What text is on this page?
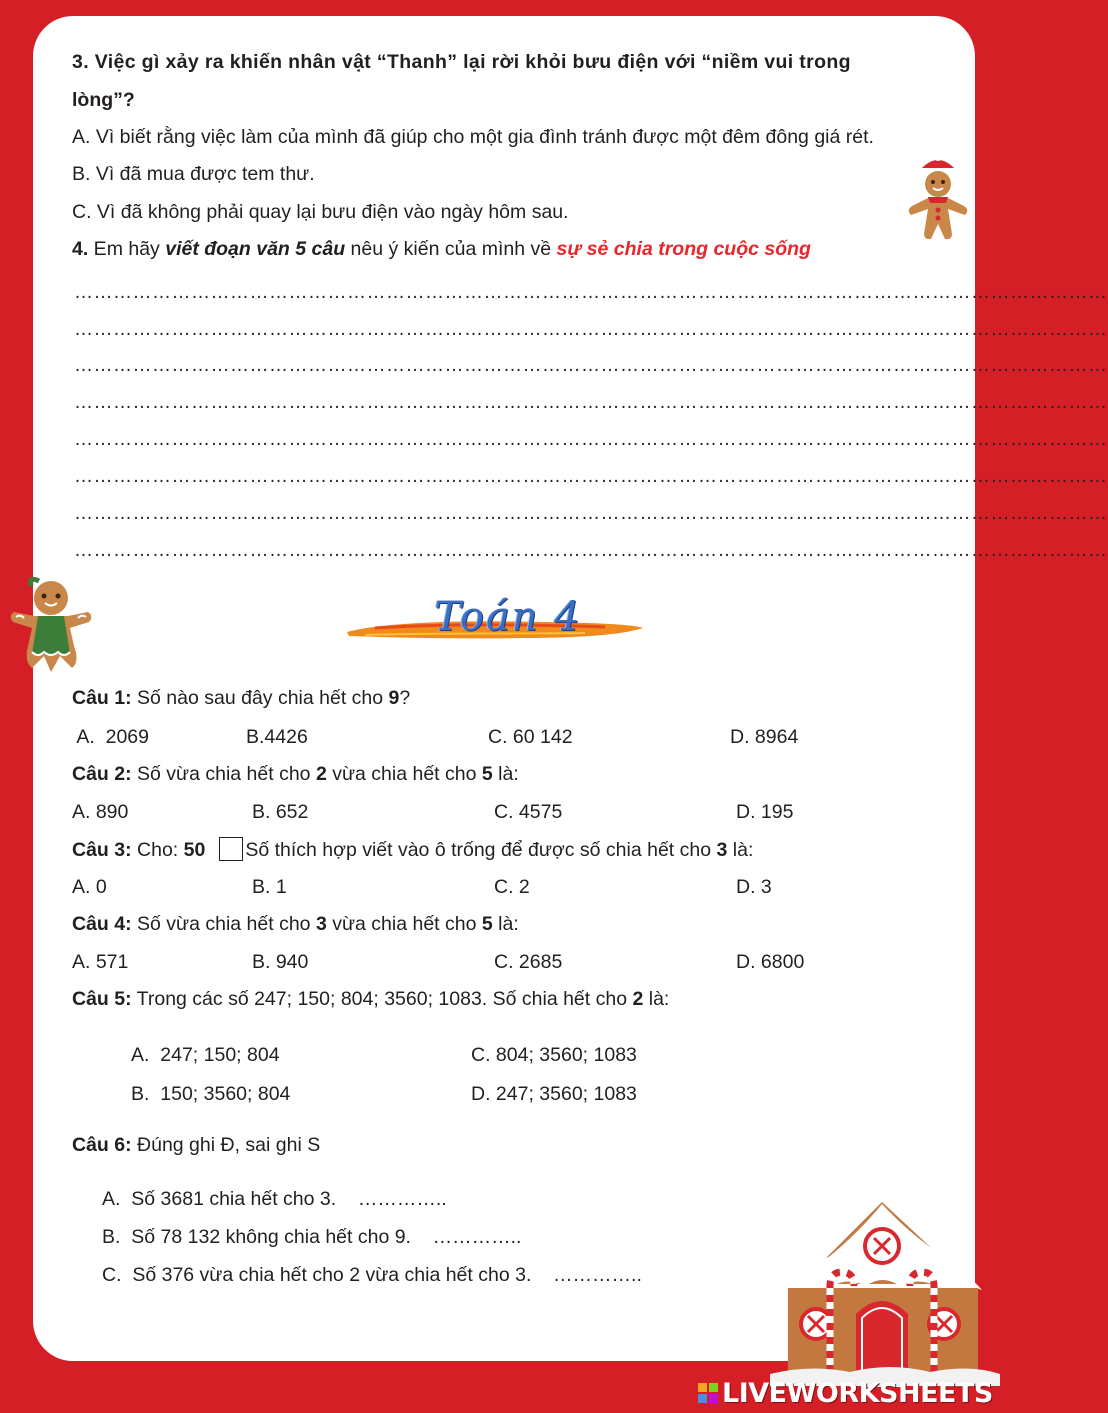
3. Việc gì xảy ra khiến nhân vật “Thanh” lại rời khỏi bưu điện với “niềm vui trong
lòng”?
A. Vì biết rằng việc làm của mình đã giúp cho một gia đình tránh được một đêm đông giá rét.
B. Vì đã mua được tem thư.
C. Vì đã không phải quay lại bưu điện vào ngày hôm sau.
4. Em hãy viết đoạn văn 5 câu nêu ý kiến của mình về sự sẻ chia trong cuộc sống
……………………………………………………………………………………………………………………………………………
……………………………………………………………………………………………………………………………………………
……………………………………………………………………………………………………………………………………………
……………………………………………………………………………………………………………………………………………
……………………………………………………………………………………………………………………………………………
……………………………………………………………………………………………………………………………………………
……………………………………………………………………………………………………………………………………………
……………………………………………………………………………………………………………………………………………
Toán 4
Câu 1: Số nào sau đây chia hết cho 9?
A.  2069	B.4426	C. 60 142	D. 8964
Câu 2: Số vừa chia hết cho 2 vừa chia hết cho 5 là:
A. 890	B. 652	C. 4575	D. 195
Câu 3: Cho: 50 Số thích hợp viết vào ô trống để được số chia hết cho 3 là:
A. 0	B. 1	C. 2	D. 3
Câu 4: Số vừa chia hết cho 3 vừa chia hết cho 5 là:
A. 571	B. 940	C. 2685	D. 6800
Câu 5: Trong các số 247; 150; 804; 3560; 1083. Số chia hết cho 2 là:
A.  247; 150; 804	C. 804; 3560; 1083
B.  150; 3560; 804	D. 247; 3560; 1083
Câu 6: Đúng ghi Đ, sai ghi S
A.  Số 3681 chia hết cho 3.    …………..
B.  Số 78 132 không chia hết cho 9.    …………..
C.  Số 376 vừa chia hết cho 2 vừa chia hết cho 3.    …………..
LIVEWORKSHEETS
